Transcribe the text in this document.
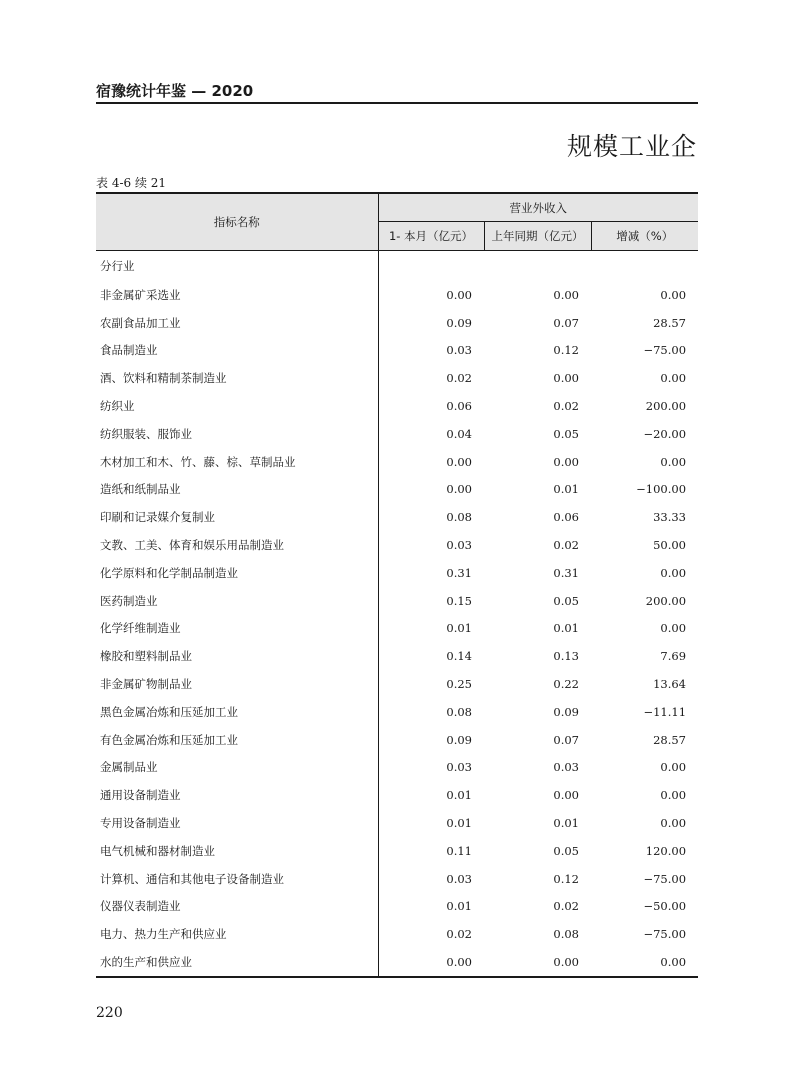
宿豫统计年鉴 — 2020
规模工业企
表 4-6 续 21
指标名称	营业外收入		
	1- 本月（亿元）	上年同期（亿元）	增减（%）
分行业			
非金属矿采选业	0.00	0.00	0.00
农副食品加工业	0.09	0.07	28.57
食品制造业	0.03	0.12	−75.00
酒、饮料和精制茶制造业	0.02	0.00	0.00
纺织业	0.06	0.02	200.00
纺织服装、服饰业	0.04	0.05	−20.00
木材加工和木、竹、藤、棕、草制品业	0.00	0.00	0.00
造纸和纸制品业	0.00	0.01	−100.00
印刷和记录媒介复制业	0.08	0.06	33.33
文教、工美、体育和娱乐用品制造业	0.03	0.02	50.00
化学原料和化学制品制造业	0.31	0.31	0.00
医药制造业	0.15	0.05	200.00
化学纤维制造业	0.01	0.01	0.00
橡胶和塑料制品业	0.14	0.13	7.69
非金属矿物制品业	0.25	0.22	13.64
黑色金属冶炼和压延加工业	0.08	0.09	−11.11
有色金属冶炼和压延加工业	0.09	0.07	28.57
金属制品业	0.03	0.03	0.00
通用设备制造业	0.01	0.00	0.00
专用设备制造业	0.01	0.01	0.00
电气机械和器材制造业	0.11	0.05	120.00
计算机、通信和其他电子设备制造业	0.03	0.12	−75.00
仪器仪表制造业	0.01	0.02	−50.00
电力、热力生产和供应业	0.02	0.08	−75.00
水的生产和供应业	0.00	0.00	0.00
220
